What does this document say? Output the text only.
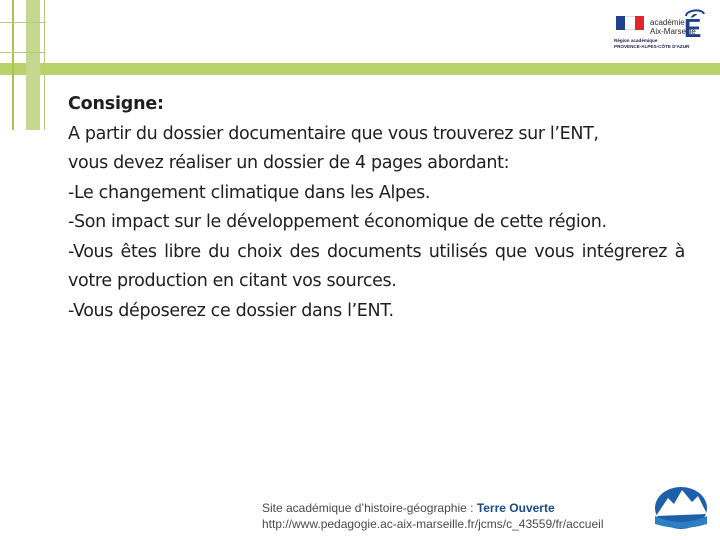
académie
Aix-Marseille
É
Région académique
PROVENCE-ALPES-CÔTE D'AZUR

Consigne:

A partir du dossier documentaire que vous trouverez sur l’ENT,

vous devez réaliser un dossier de 4 pages abordant:

-Le changement climatique dans les Alpes.

-Son impact sur le développement économique de cette région.

-Vous êtes libre du choix des documents utilisés que vous intégrerez à votre production en citant vos sources.

-Vous déposerez ce dossier dans l’ENT.

Site académique d’histoire-géographie : Terre Ouverte
http://www.pedagogie.ac-aix-marseille.fr/jcms/c_43559/fr/accueil
